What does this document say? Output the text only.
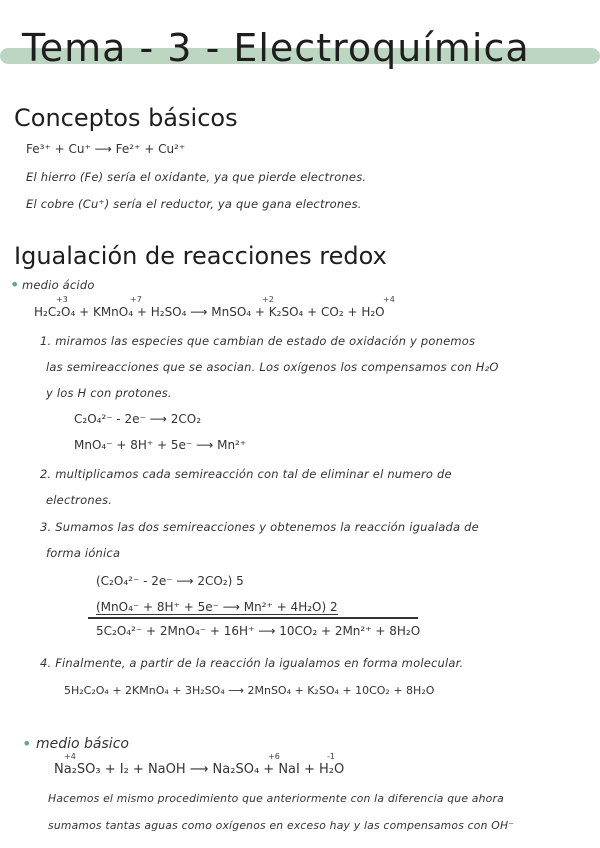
Tema - 3 - Electroquímica
Conceptos básicos
Fe³⁺ + Cu⁺ ⟶ Fe²⁺ + Cu²⁺
El hierro (Fe) sería el oxidante, ya que pierde electrones.
El cobre (Cu⁺) sería el reductor, ya que gana electrones.
Igualación de reacciones redox
• medio ácido
+3	+7	+2	+4
H₂C₂O₄ + KMnO₄ + H₂SO₄ ⟶ MnSO₄ + K₂SO₄ + CO₂ + H₂O
1. miramos las especies que cambian de estado de oxidación y ponemos
las semireacciones que se asocian. Los oxígenos los compensamos con H₂O
y los H con protones.
C₂O₄²⁻ - 2e⁻ ⟶ 2CO₂
MnO₄⁻ + 8H⁺ + 5e⁻ ⟶ Mn²⁺
2. multiplicamos cada semireacción con tal de eliminar el numero de
electrones.
3. Sumamos las dos semireacciones y obtenemos la reacción igualada de
forma iónica
(C₂O₄²⁻ - 2e⁻ ⟶ 2CO₂) 5
(MnO₄⁻ + 8H⁺ + 5e⁻ ⟶ Mn²⁺ + 4H₂O) 2
5C₂O₄²⁻ + 2MnO₄⁻ + 16H⁺ ⟶ 10CO₂ + 2Mn²⁺ + 8H₂O
4. Finalmente, a partir de la reacción la igualamos en forma molecular.
5H₂C₂O₄ + 2KMnO₄ + 3H₂SO₄ ⟶ 2MnSO₄ + K₂SO₄ + 10CO₂ + 8H₂O
• medio básico
+4	+6	-1
Na₂SO₃ + I₂ + NaOH ⟶ Na₂SO₄ + NaI + H₂O
Hacemos el mismo procedimiento que anteriormente con la diferencia que ahora
sumamos tantas aguas como oxígenos en exceso hay y las compensamos con OH⁻
